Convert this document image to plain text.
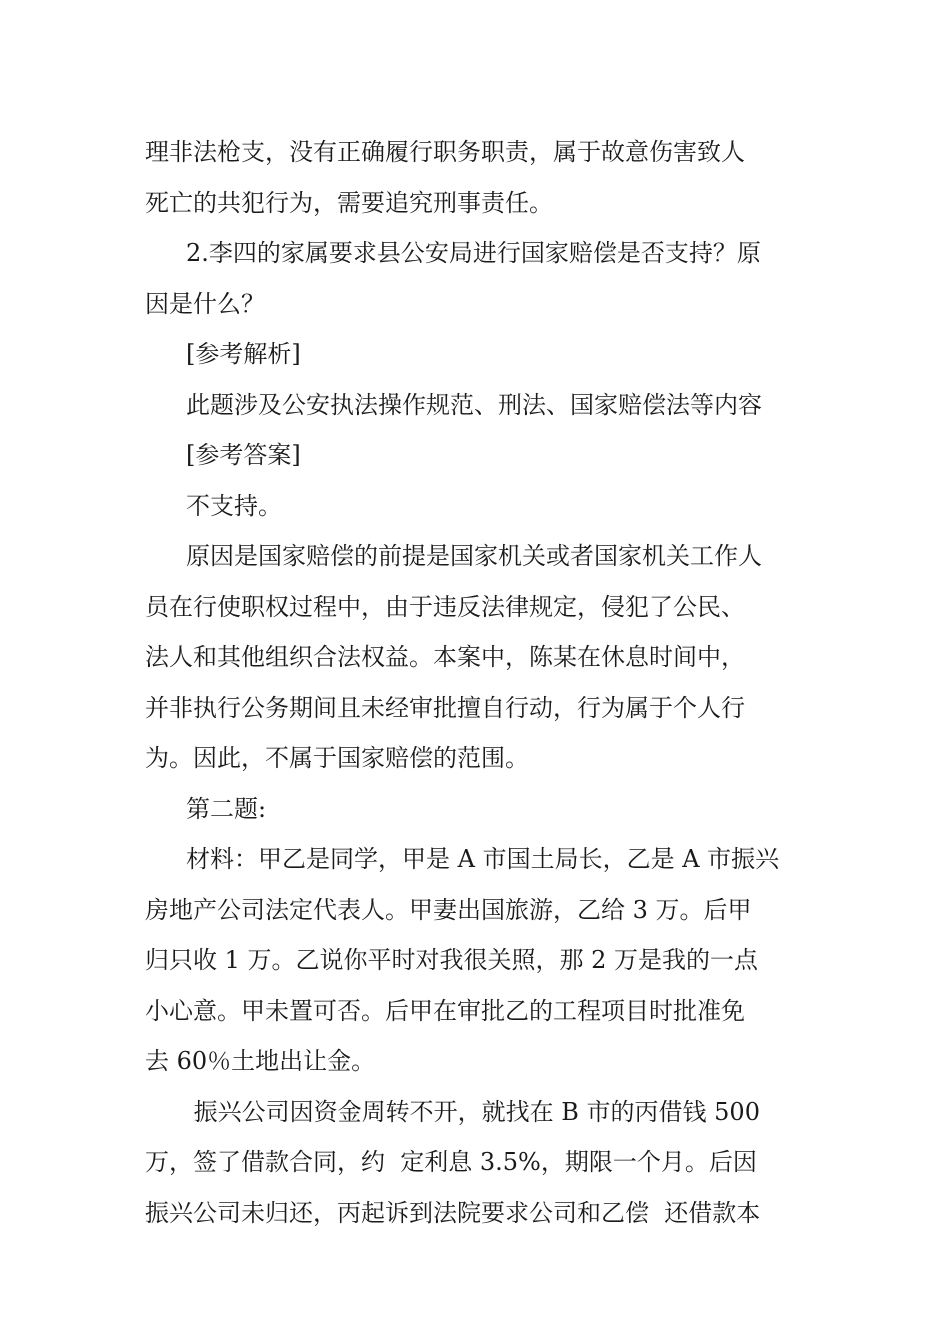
理非法枪支，没有正确履行职务职责，属于故意伤害致人
死亡的共犯行为，需要追究刑事责任。

2.李四的家属要求县公安局进行国家赔偿是否支持？原
因是什么？

[参考解析]

此题涉及公安执法操作规范、刑法、国家赔偿法等内容

[参考答案]

不支持。

原因是国家赔偿的前提是国家机关或者国家机关工作人
员在行使职权过程中，由于违反法律规定，侵犯了公民、
法人和其他组织合法权益。本案中，陈某在休息时间中，
并非执行公务期间且未经审批擅自行动，行为属于个人行
为。因此，不属于国家赔偿的范围。

第二题:

材料：甲乙是同学，甲是 A 市国土局长，乙是 A 市振兴
房地产公司法定代表人。甲妻出国旅游，乙给 3 万。后甲
归只收 1 万。乙说你平时对我很关照，那 2 万是我的一点
小心意。甲未置可否。后甲在审批乙的工程项目时批准免
去 60％土地出让金。

振兴公司因资金周转不开，就找在 B 市的丙借钱 500
万，签了借款合同，约  定利息 3.5%，期限一个月。后因
振兴公司未归还，丙起诉到法院要求公司和乙偿  还借款本
